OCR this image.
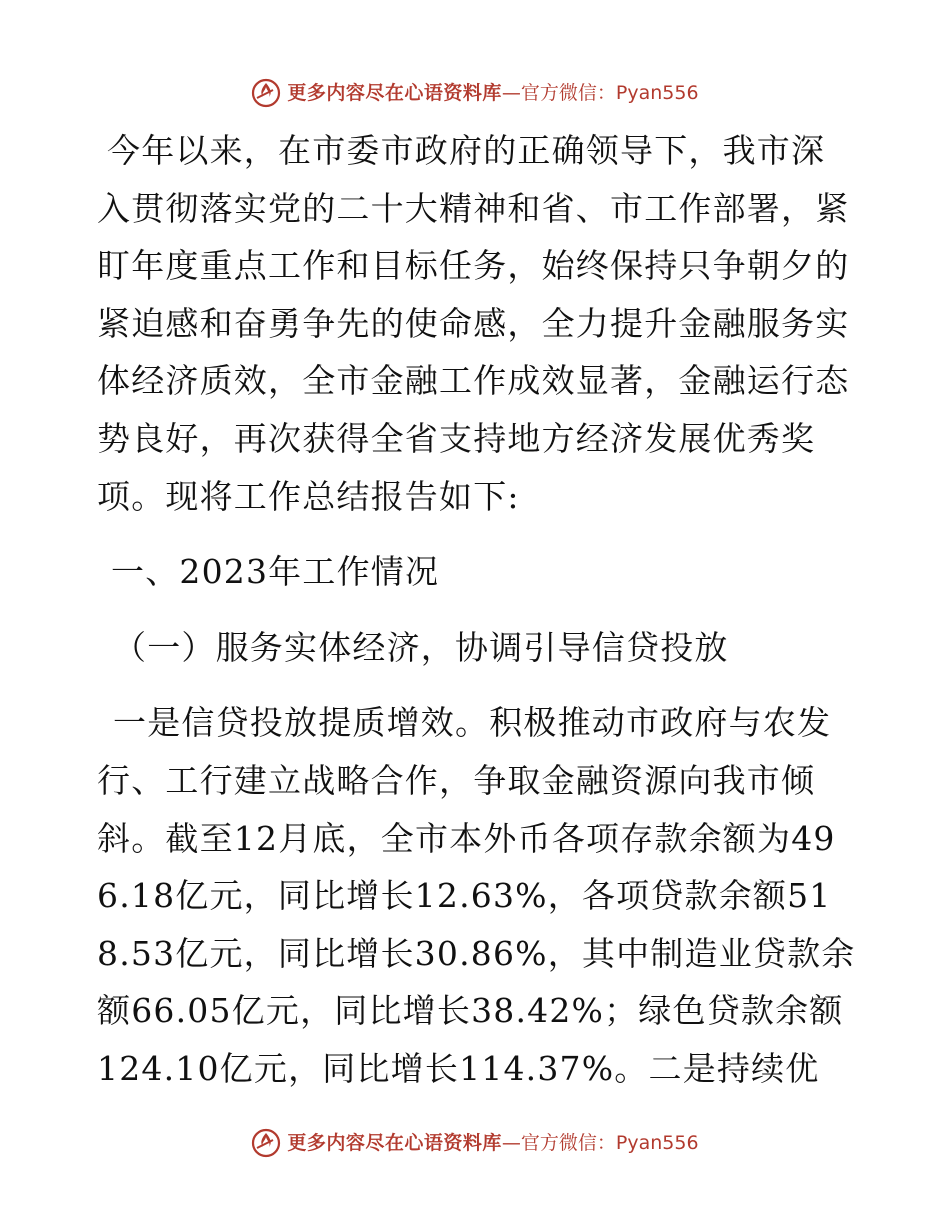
更多内容尽在心语资料库 — 官方微信：Pyan556

今年以来，在市委市政府的正确领导下，我市深入贯彻落实党的二十大精神和省、市工作部署，紧盯年度重点工作和目标任务，始终保持只争朝夕的紧迫感和奋勇争先的使命感，全力提升金融服务实体经济质效，全市金融工作成效显著，金融运行态势良好，再次获得全省支持地方经济发展优秀奖项。现将工作总结报告如下:

一、2023年工作情况

（一）服务实体经济，协调引导信贷投放

一是信贷投放提质增效。积极推动市政府与农发行、工行建立战略合作，争取金融资源向我市倾斜。截至12月底，全市本外币各项存款余额为496.18亿元，同比增长12.63%，各项贷款余额518.53亿元，同比增长30.86%，其中制造业贷款余额66.05亿元，同比增长38.42%；绿色贷款余额124.10亿元，同比增长114.37%。二是持续优

更多内容尽在心语资料库 — 官方微信：Pyan556
